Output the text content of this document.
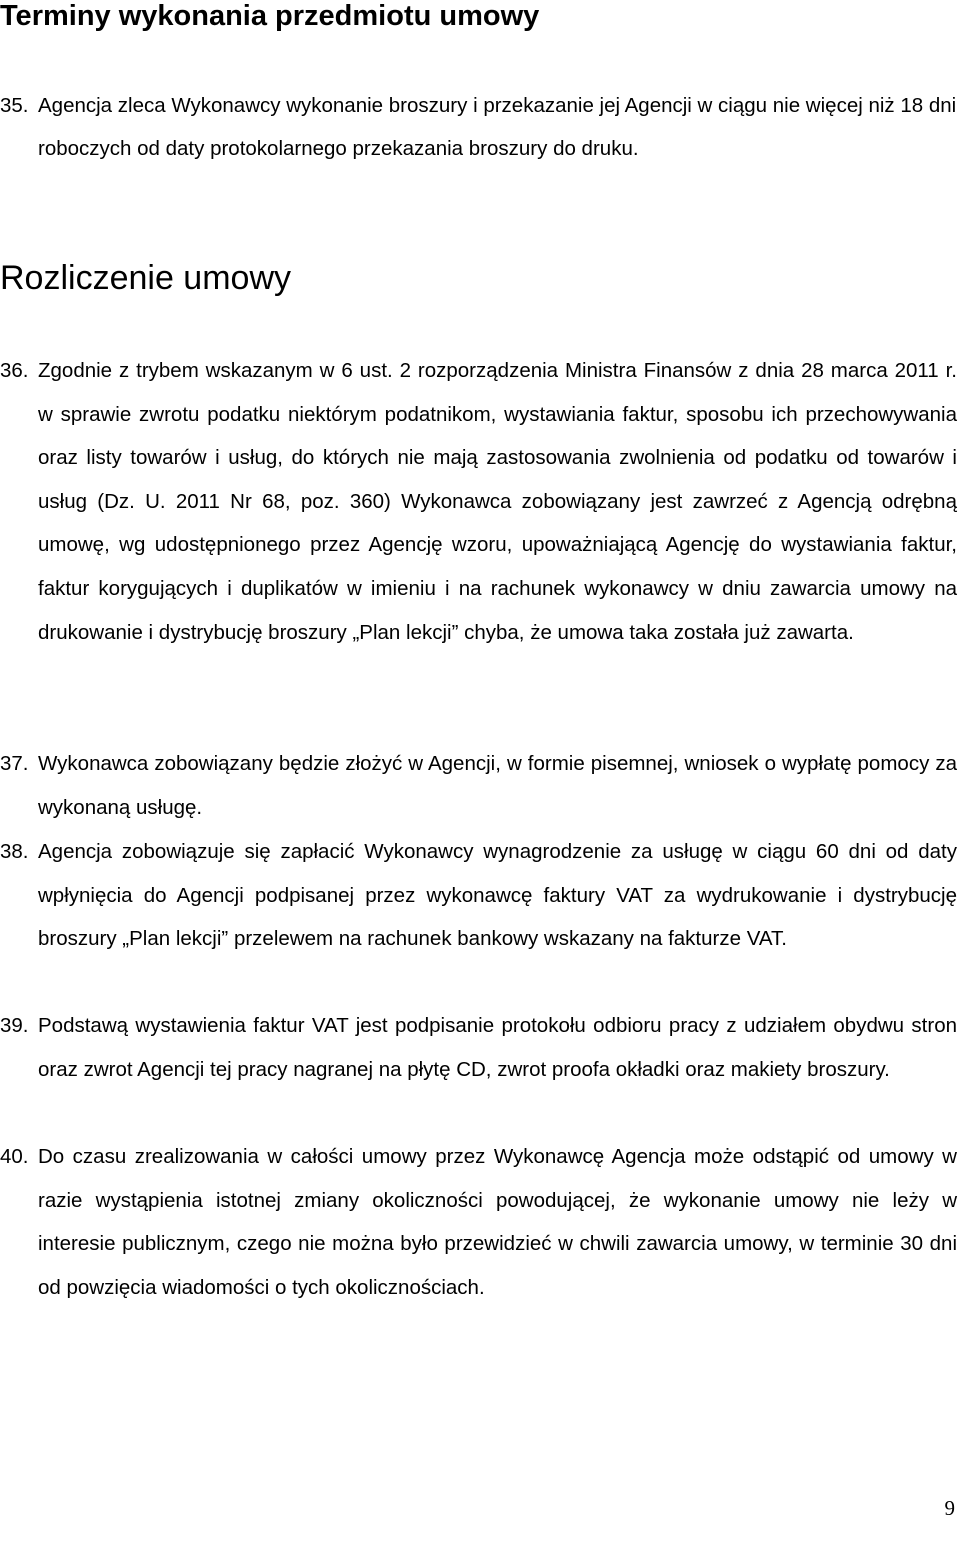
Terminy wykonania przedmiotu umowy
35. Agencja zleca Wykonawcy wykonanie broszury i przekazanie jej Agencji w ciągu nie więcej niż 18 dni roboczych od daty protokolarnego przekazania broszury do druku.
Rozliczenie umowy
36. Zgodnie z trybem wskazanym w 6 ust. 2 rozporządzenia Ministra Finansów z dnia 28 marca 2011 r. w sprawie zwrotu podatku niektórym podatnikom, wystawiania faktur, sposobu ich przechowywania oraz listy towarów i usług, do których nie mają zastosowania zwolnienia od podatku od towarów i usług (Dz. U. 2011 Nr 68, poz. 360) Wykonawca zobowiązany jest zawrzeć z Agencją odrębną umowę, wg udostępnionego przez Agencję wzoru, upoważniającą Agencję do wystawiania faktur, faktur korygujących i duplikatów w imieniu i na rachunek wykonawcy w dniu zawarcia umowy na drukowanie i dystrybucję broszury „Plan lekcji” chyba, że umowa taka została już zawarta.
37. Wykonawca zobowiązany będzie złożyć w Agencji, w formie pisemnej, wniosek o wypłatę pomocy za wykonaną usługę.
38. Agencja zobowiązuje się zapłacić Wykonawcy wynagrodzenie za usługę w ciągu 60 dni od daty wpłynięcia do Agencji podpisanej przez wykonawcę faktury VAT za wydrukowanie i dystrybucję broszury „Plan lekcji” przelewem na rachunek bankowy wskazany na fakturze VAT.
39. Podstawą wystawienia faktur VAT jest podpisanie protokołu odbioru pracy z udziałem obydwu stron oraz zwrot Agencji tej pracy nagranej na płytę CD, zwrot proofa okładki oraz makiety broszury.
40. Do czasu zrealizowania w całości umowy przez Wykonawcę Agencja może odstąpić od umowy w razie wystąpienia istotnej zmiany okoliczności powodującej, że wykonanie umowy nie leży w interesie publicznym, czego nie można było przewidzieć w chwili zawarcia umowy, w terminie 30 dni od powzięcia wiadomości o tych okolicznościach.
9
